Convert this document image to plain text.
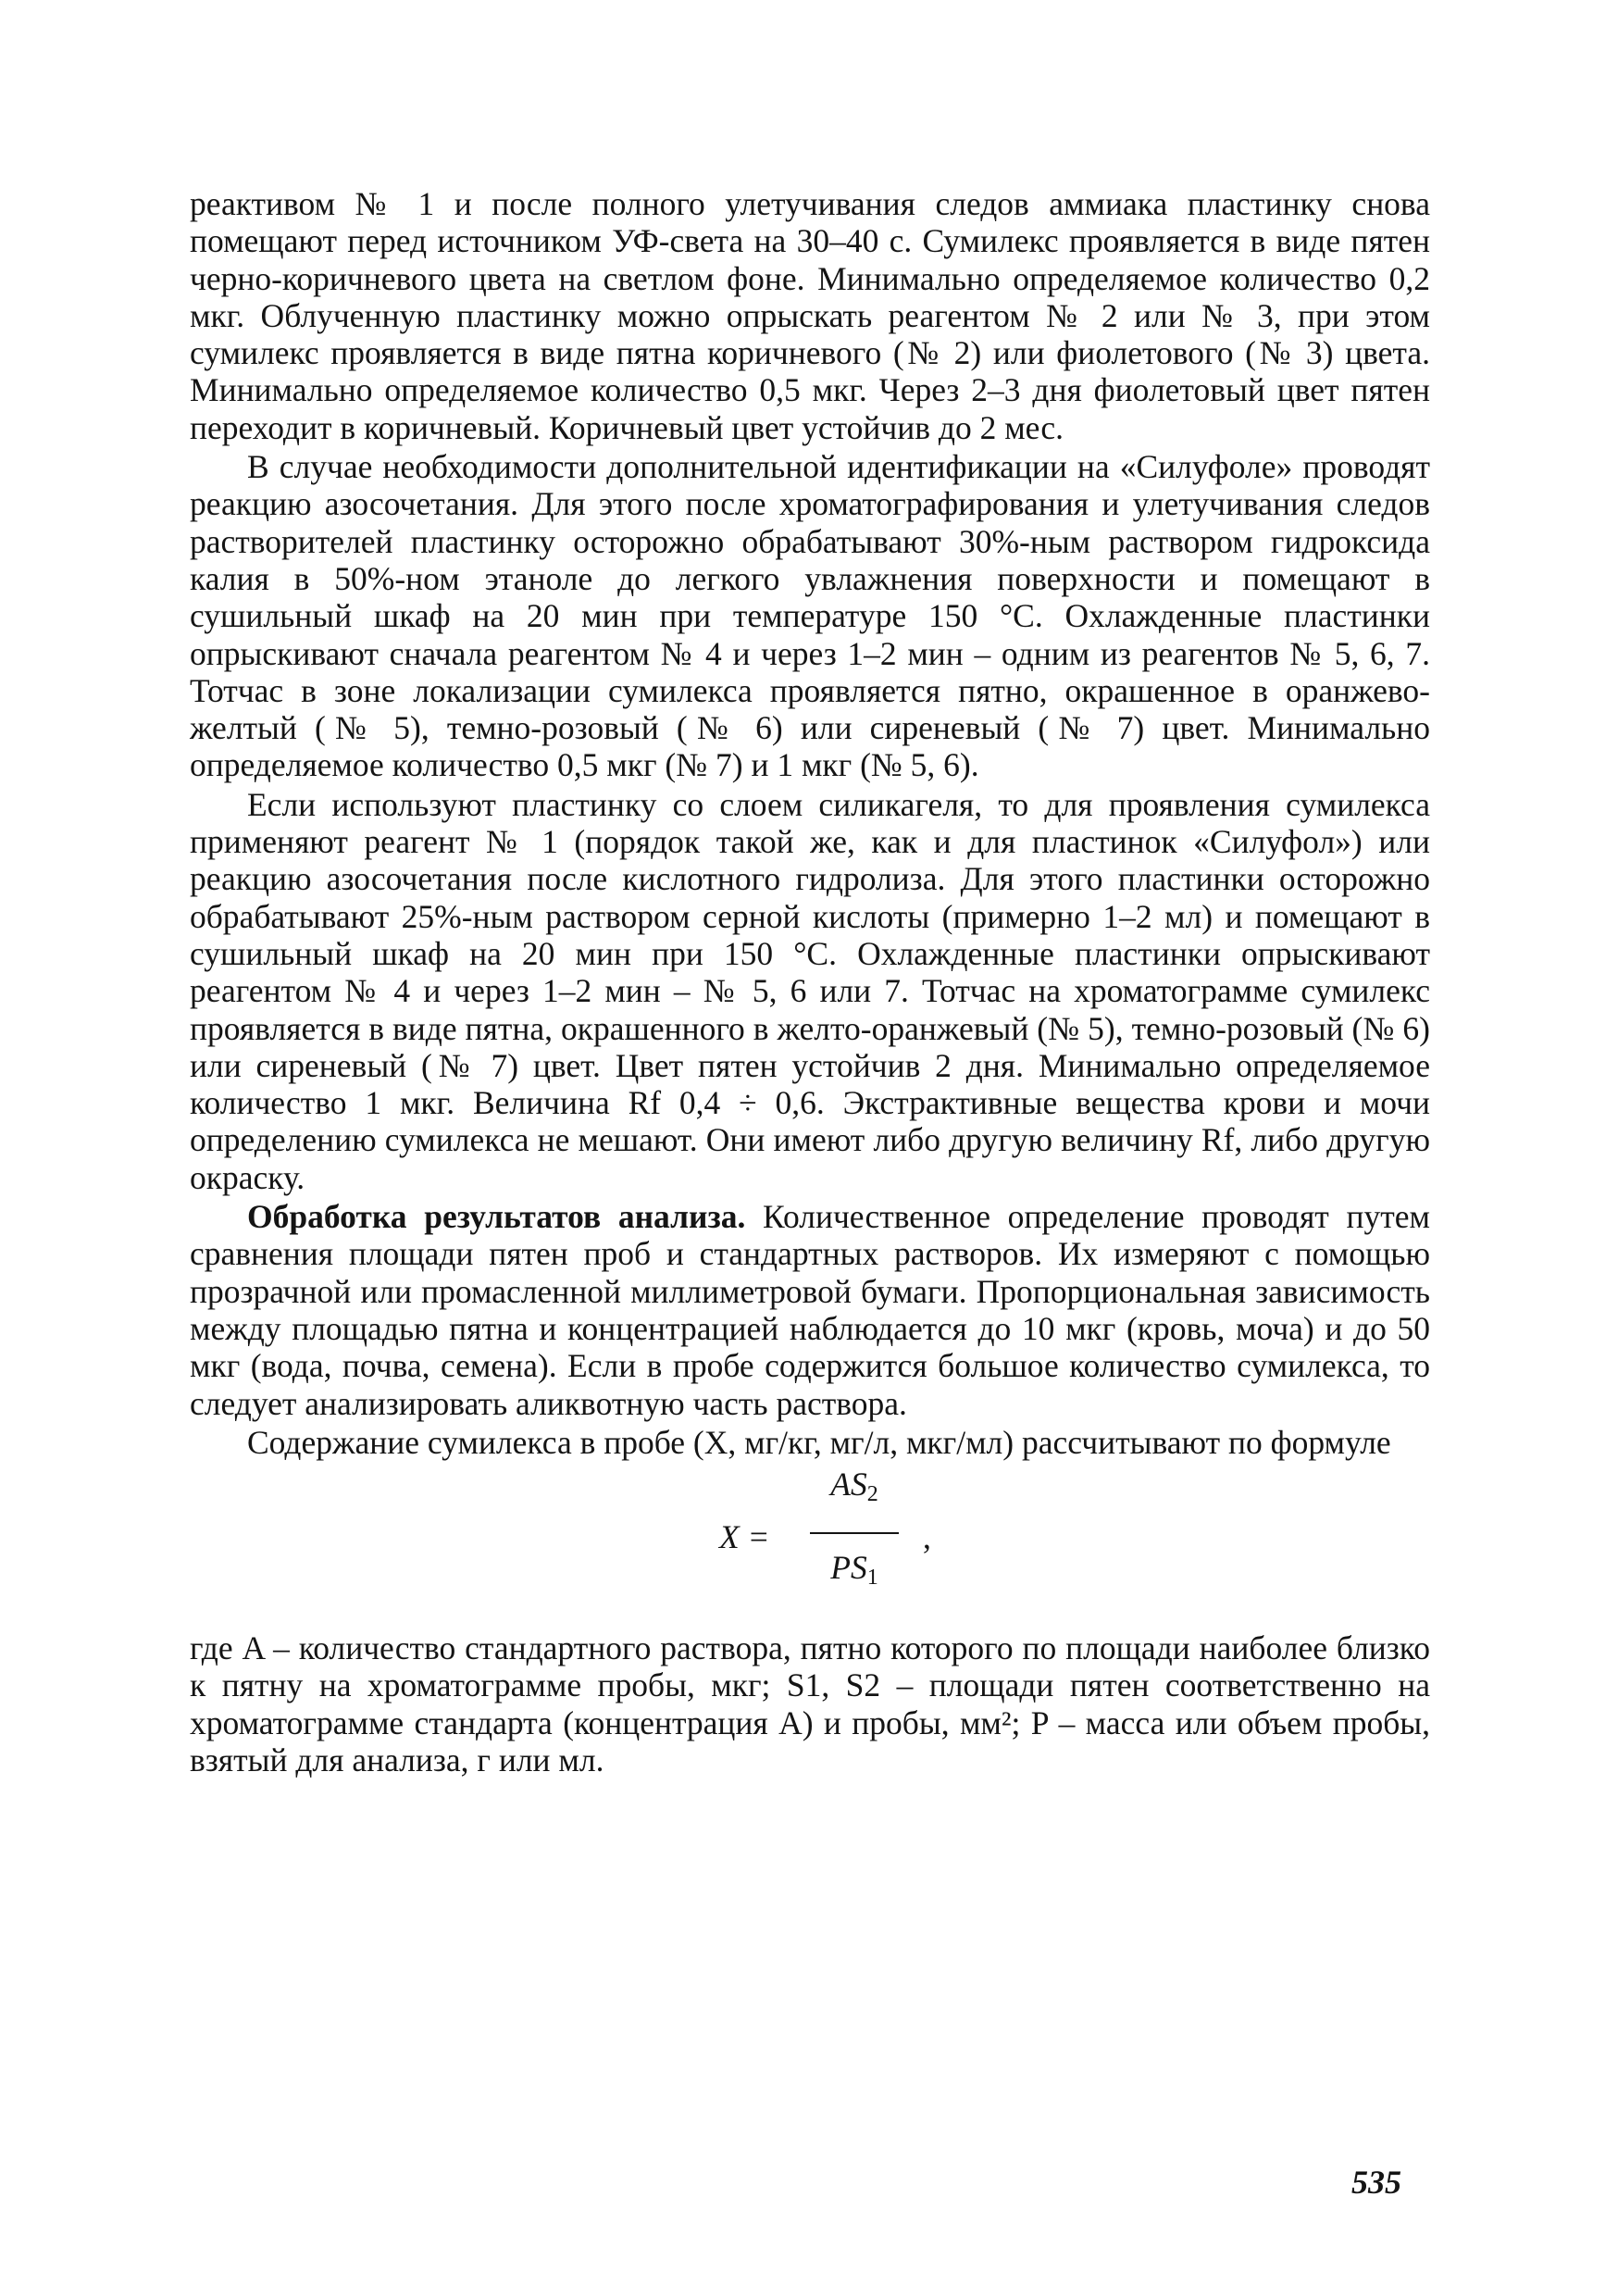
реактивом № 1 и после полного улетучивания следов аммиака пластинку снова помещают перед источником УФ-света на 30–40 с. Сумилекс проявляется в виде пятен черно-коричневого цвета на светлом фоне. Минимально определяемое количество 0,2 мкг. Облученную пластинку можно опрыскать реагентом № 2 или № 3, при этом сумилекс проявляется в виде пятна коричневого (№ 2) или фиолетового (№ 3) цвета. Минимально определяемое количество 0,5 мкг. Через 2–3 дня фиолетовый цвет пятен переходит в коричневый. Коричневый цвет устойчив до 2 мес.

В случае необходимости дополнительной идентификации на «Силуфоле» проводят реакцию азосочетания. Для этого после хроматографирования и улетучивания следов растворителей пластинку осторожно обрабатывают 30%-ным раствором гидроксида калия в 50%-ном этаноле до легкого увлажнения поверхности и помещают в сушильный шкаф на 20 мин при температуре 150 °С. Охлажденные пластинки опрыскивают сначала реагентом № 4 и через 1–2 мин – одним из реагентов № 5, 6, 7. Тотчас в зоне локализации сумилекса проявляется пятно, окрашенное в оранжево-желтый (№ 5), темно-розовый (№ 6) или сиреневый (№ 7) цвет. Минимально определяемое количество 0,5 мкг (№ 7) и 1 мкг (№ 5, 6).

Если используют пластинку со слоем силикагеля, то для проявления сумилекса применяют реагент № 1 (порядок такой же, как и для пластинок «Силуфол») или реакцию азосочетания после кислотного гидролиза. Для этого пластинки осторожно обрабатывают 25%-ным раствором серной кислоты (примерно 1–2 мл) и помещают в сушильный шкаф на 20 мин при 150 °С. Охлажденные пластинки опрыскивают реагентом № 4 и через 1–2 мин – № 5, 6 или 7. Тотчас на хроматограмме сумилекс проявляется в виде пятна, окрашенного в желто-оранжевый (№ 5), темно-розовый (№ 6) или сиреневый (№ 7) цвет. Цвет пятен устойчив 2 дня. Минимально определяемое количество 1 мкг. Величина Rf 0,4 ÷ 0,6. Экстрактивные вещества крови и мочи определению сумилекса не мешают. Они имеют либо другую величину Rf, либо другую окраску.

Обработка результатов анализа. Количественное определение проводят путем сравнения площади пятен проб и стандартных растворов. Их измеряют с помощью прозрачной или промасленной миллиметровой бумаги. Пропорциональная зависимость между площадью пятна и концентрацией наблюдается до 10 мкг (кровь, моча) и до 50 мкг (вода, почва, семена). Если в пробе содержится большое количество сумилекса, то следует анализировать аликвотную часть раствора.

Содержание сумилекса в пробе (X, мг/кг, мг/л, мкг/мл) рассчитывают по формуле

X =
$AS_2$
$PS_1$
,

где A – количество стандартного раствора, пятно которого по площади наиболее близко к пятну на хроматограмме пробы, мкг; S1, S2 – площади пятен соответственно на хроматограмме стандарта (концентрация А) и пробы, мм²; P – масса или объем пробы, взятый для анализа, г или мл.

535
